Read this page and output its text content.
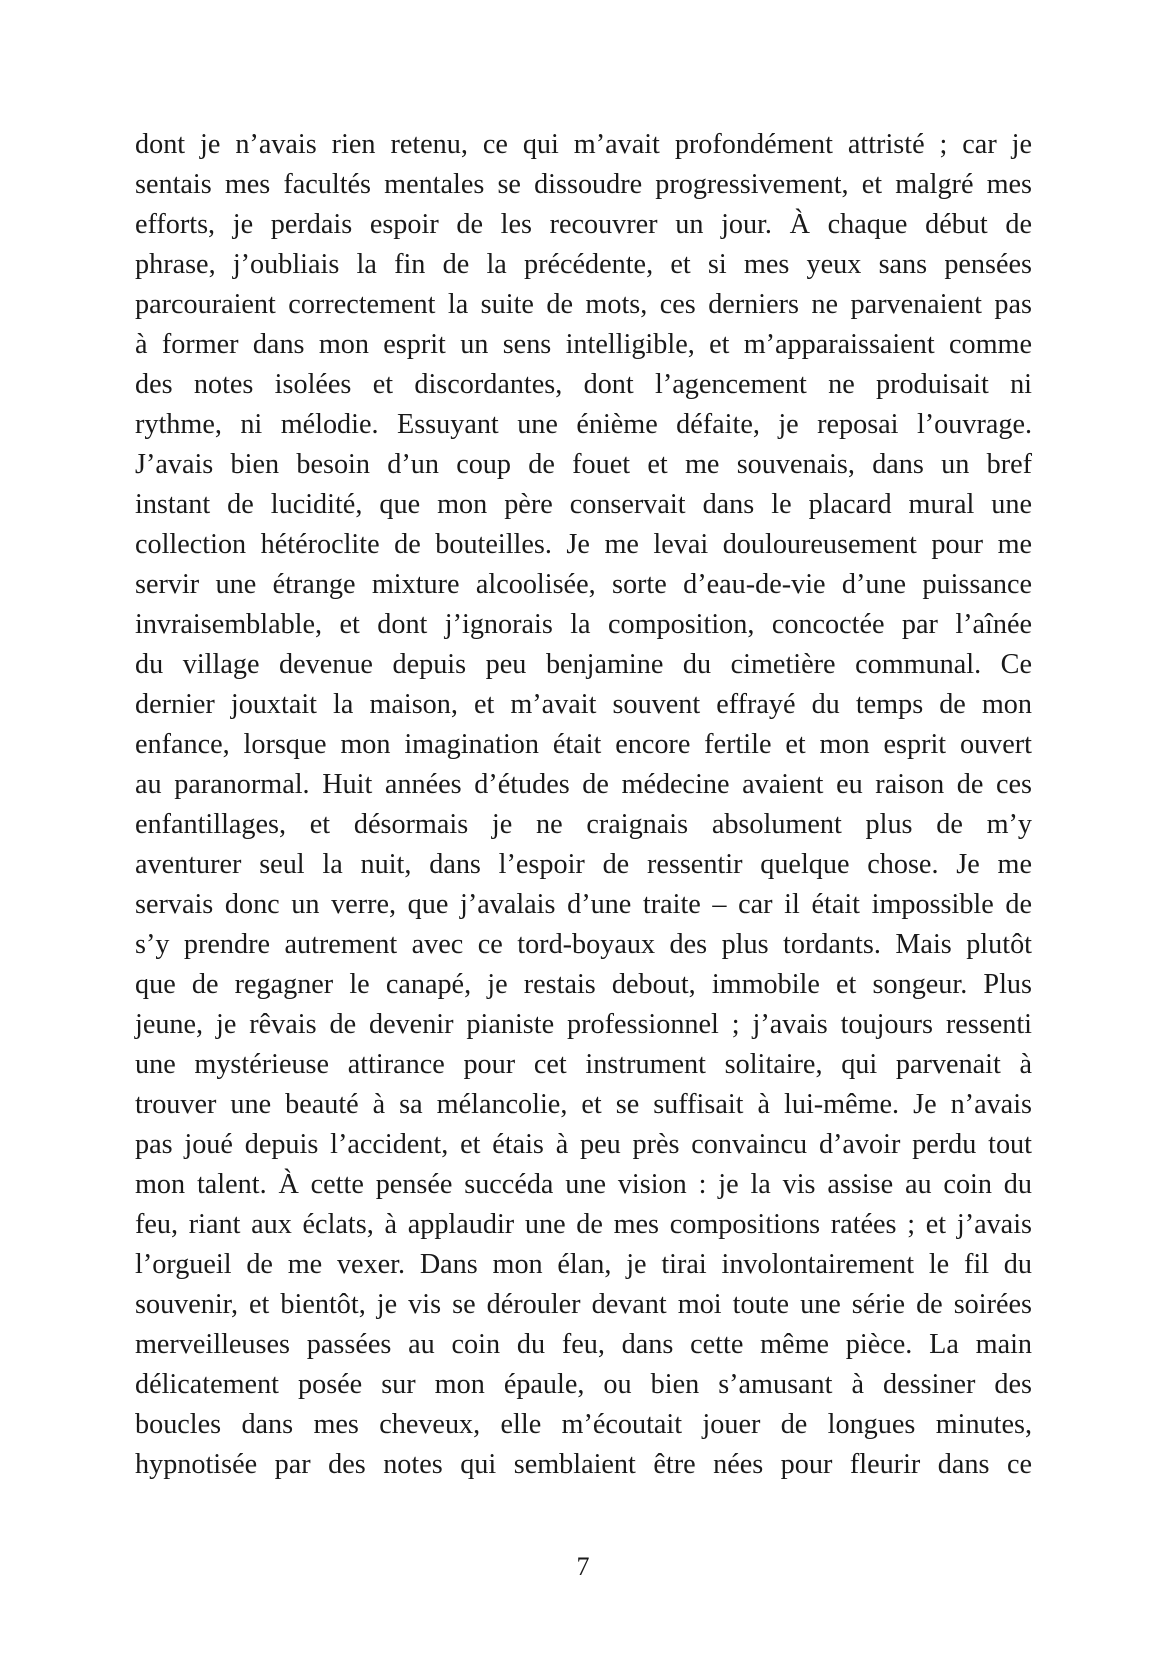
dont je n’avais rien retenu, ce qui m’avait profondément attristé ; car je
sentais mes facultés mentales se dissoudre progressivement, et malgré mes
efforts, je perdais espoir de les recouvrer un jour. À chaque début de
phrase, j’oubliais la fin de la précédente, et si mes yeux sans pensées
parcouraient correctement la suite de mots, ces derniers ne parvenaient pas
à former dans mon esprit un sens intelligible, et m’apparaissaient comme
des notes isolées et discordantes, dont l’agencement ne produisait ni
rythme, ni mélodie. Essuyant une énième défaite, je reposai l’ouvrage.
J’avais bien besoin d’un coup de fouet et me souvenais, dans un bref
instant de lucidité, que mon père conservait dans le placard mural une
collection hétéroclite de bouteilles. Je me levai douloureusement pour me
servir une étrange mixture alcoolisée, sorte d’eau-de-vie d’une puissance
invraisemblable, et dont j’ignorais la composition, concoctée par l’aînée
du village devenue depuis peu benjamine du cimetière communal. Ce
dernier jouxtait la maison, et m’avait souvent effrayé du temps de mon
enfance, lorsque mon imagination était encore fertile et mon esprit ouvert
au paranormal. Huit années d’études de médecine avaient eu raison de ces
enfantillages, et désormais je ne craignais absolument plus de m’y
aventurer seul la nuit, dans l’espoir de ressentir quelque chose. Je me
servais donc un verre, que j’avalais d’une traite – car il était impossible de
s’y prendre autrement avec ce tord-boyaux des plus tordants. Mais plutôt
que de regagner le canapé, je restais debout, immobile et songeur. Plus
jeune, je rêvais de devenir pianiste professionnel ; j’avais toujours ressenti
une mystérieuse attirance pour cet instrument solitaire, qui parvenait à
trouver une beauté à sa mélancolie, et se suffisait à lui-même. Je n’avais
pas joué depuis l’accident, et étais à peu près convaincu d’avoir perdu tout
mon talent. À cette pensée succéda une vision : je la vis assise au coin du
feu, riant aux éclats, à applaudir une de mes compositions ratées ; et j’avais
l’orgueil de me vexer. Dans mon élan, je tirai involontairement le fil du
souvenir, et bientôt, je vis se dérouler devant moi toute une série de soirées
merveilleuses passées au coin du feu, dans cette même pièce. La main
délicatement posée sur mon épaule, ou bien s’amusant à dessiner des
boucles dans mes cheveux, elle m’écoutait jouer de longues minutes,
hypnotisée par des notes qui semblaient être nées pour fleurir dans ce
7
